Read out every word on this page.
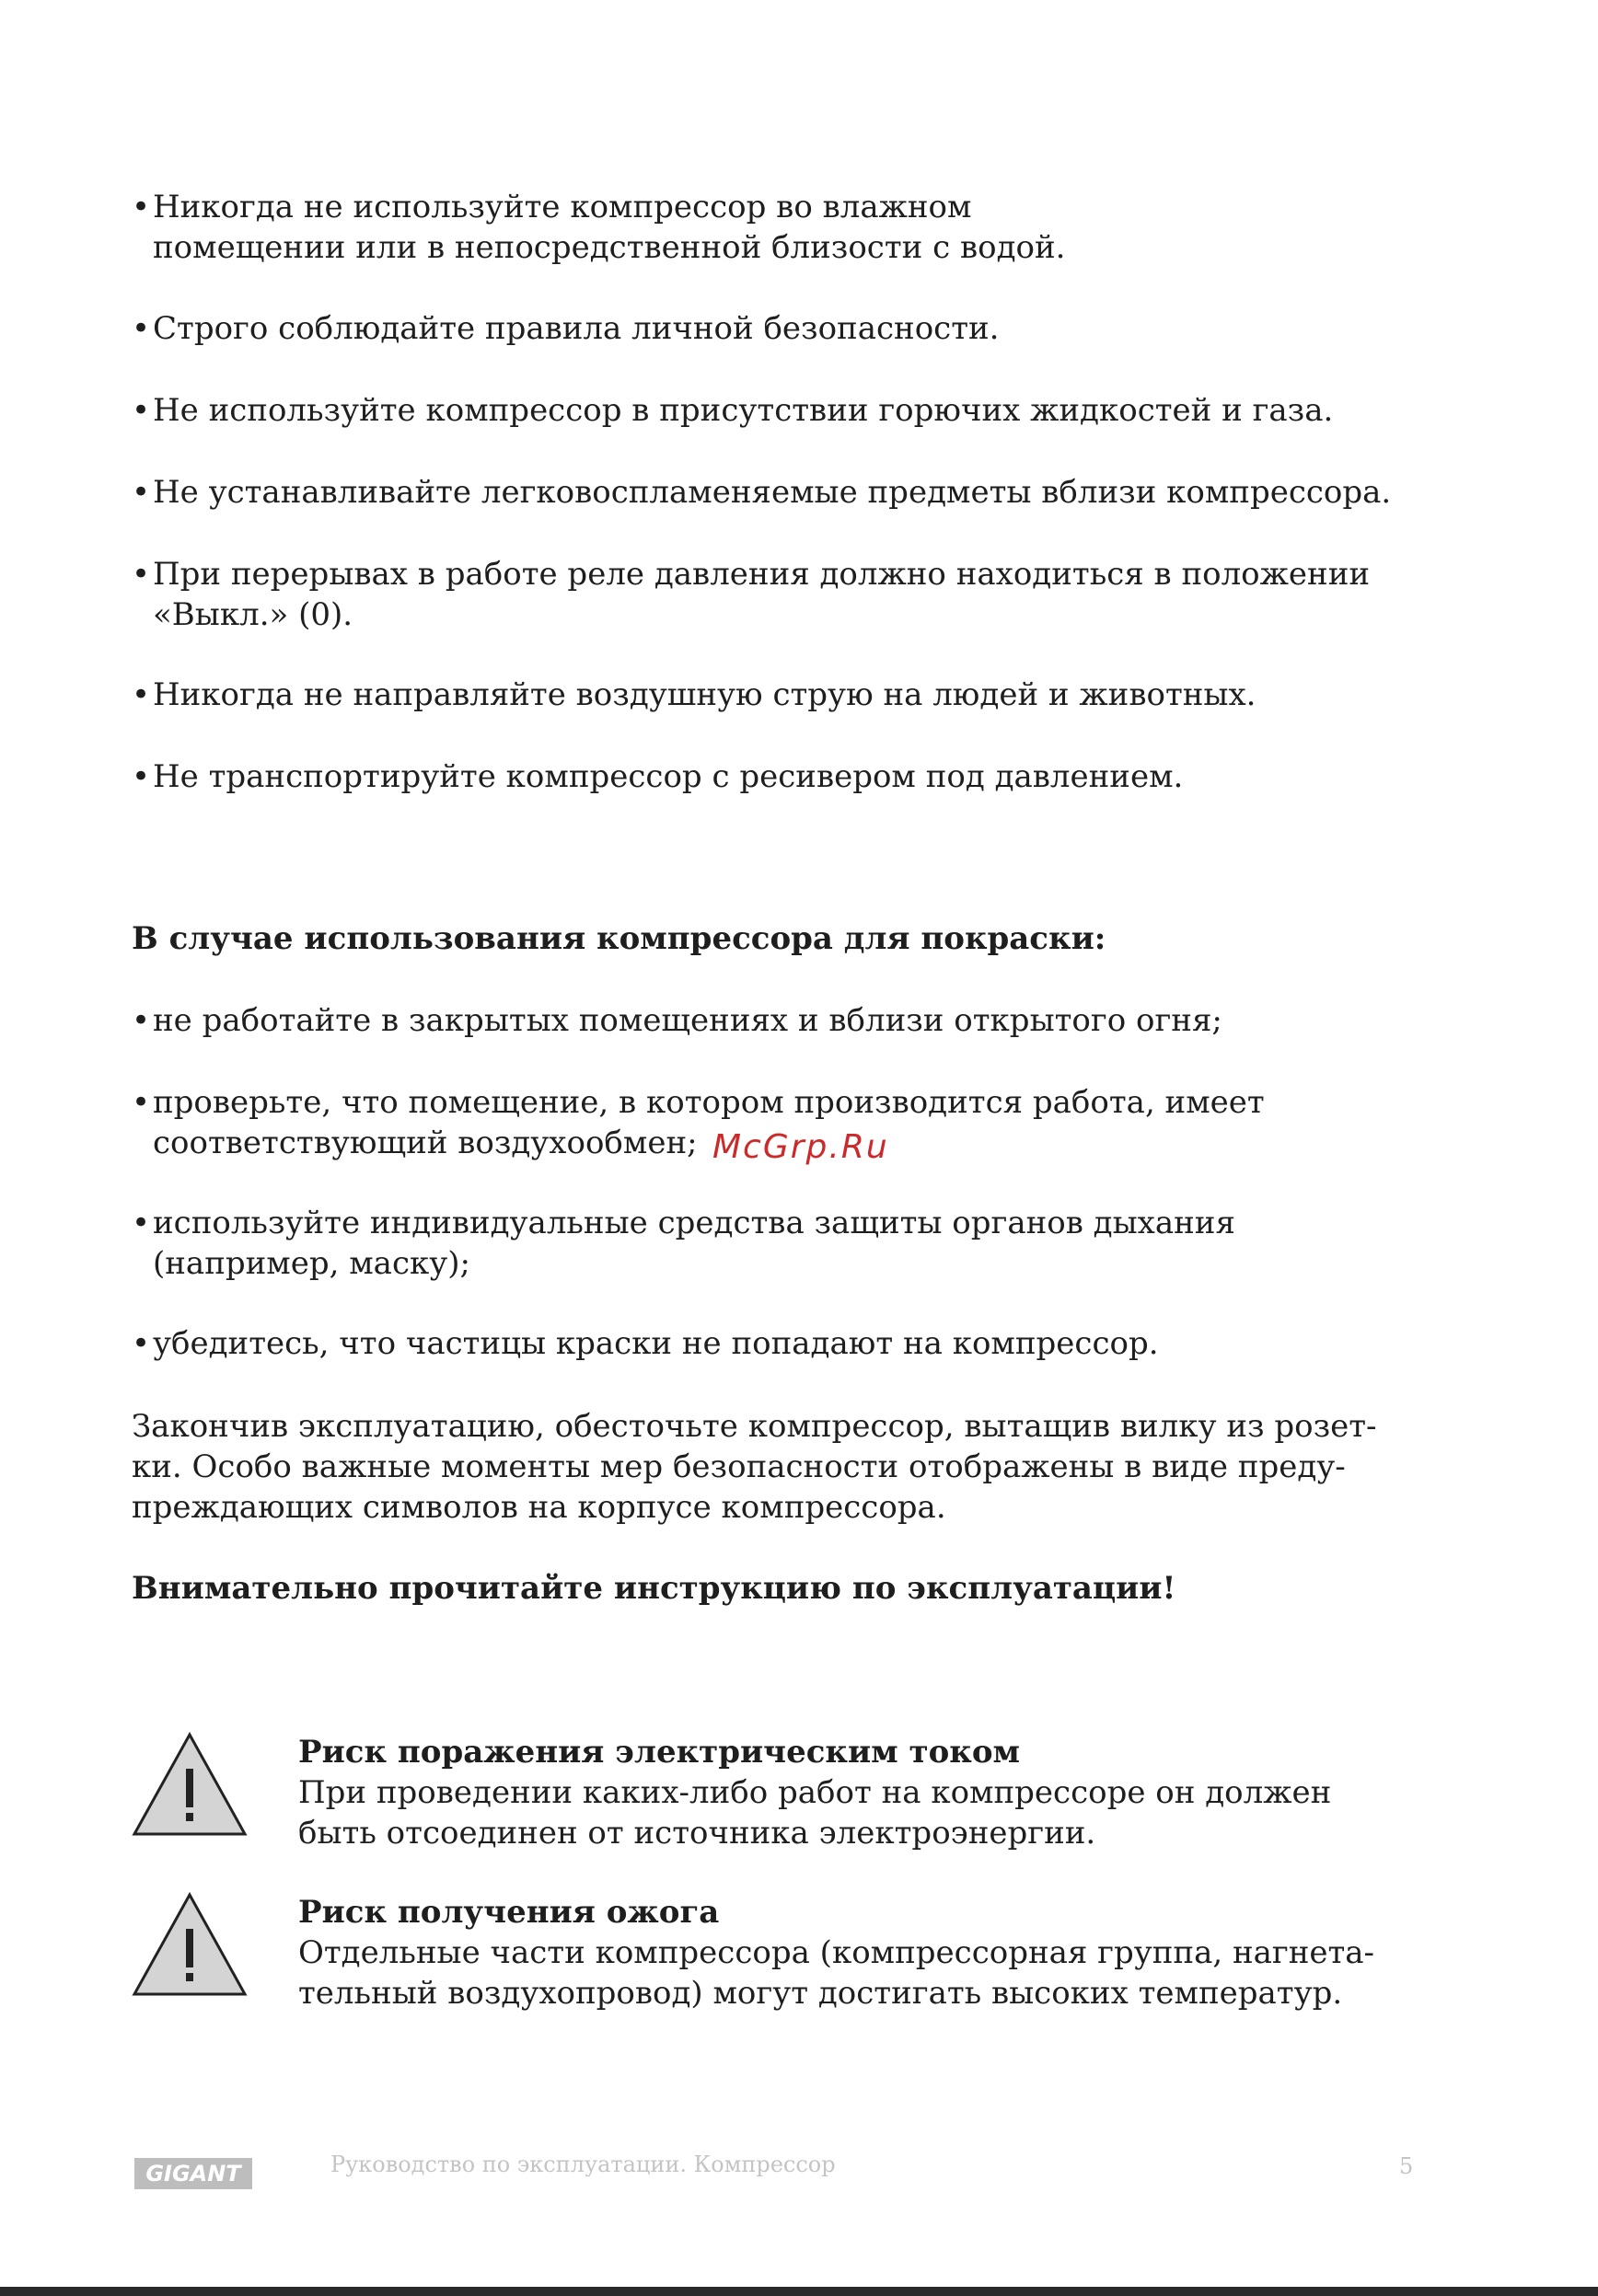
• Никогда не используйте компрессор во влажном
помещении или в непосредственной близости с водой.
• Строго соблюдайте правила личной безопасности.
• Не используйте компрессор в присутствии горючих жидкостей и газа.
• Не устанавливайте легковоспламеняемые предметы вблизи компрессора.
• При перерывах в работе реле давления должно находиться в положении
«Выкл.» (0).
• Никогда не направляйте воздушную струю на людей и животных.
• Не транспортируйте компрессор с ресивером под давлением.
В случае использования компрессора для покраски:
• не работайте в закрытых помещениях и вблизи открытого огня;
• проверьте, что помещение, в котором производится работа, имеет
соответствующий воздухообмен;
• используйте индивидуальные средства защиты органов дыхания
(например, маску);
• убедитесь, что частицы краски не попадают на компрессор.
McGrp.Ru
Закончив эксплуатацию, обесточьте компрессор, вытащив вилку из розет-
ки. Особо важные моменты мер безопасности отображены в виде преду-
преждающих символов на корпусе компрессора.
Внимательно прочитайте инструкцию по эксплуатации!
Риск поражения электрическим током
При проведении каких-либо работ на компрессоре он должен
быть отсоединен от источника электроэнергии.
Риск получения ожога
Отдельные части компрессора (компрессорная группа, нагнета-
тельный воздухопровод) могут достигать высоких температур.
GIGANT	Руководство по эксплуатации. Компрессор	5
